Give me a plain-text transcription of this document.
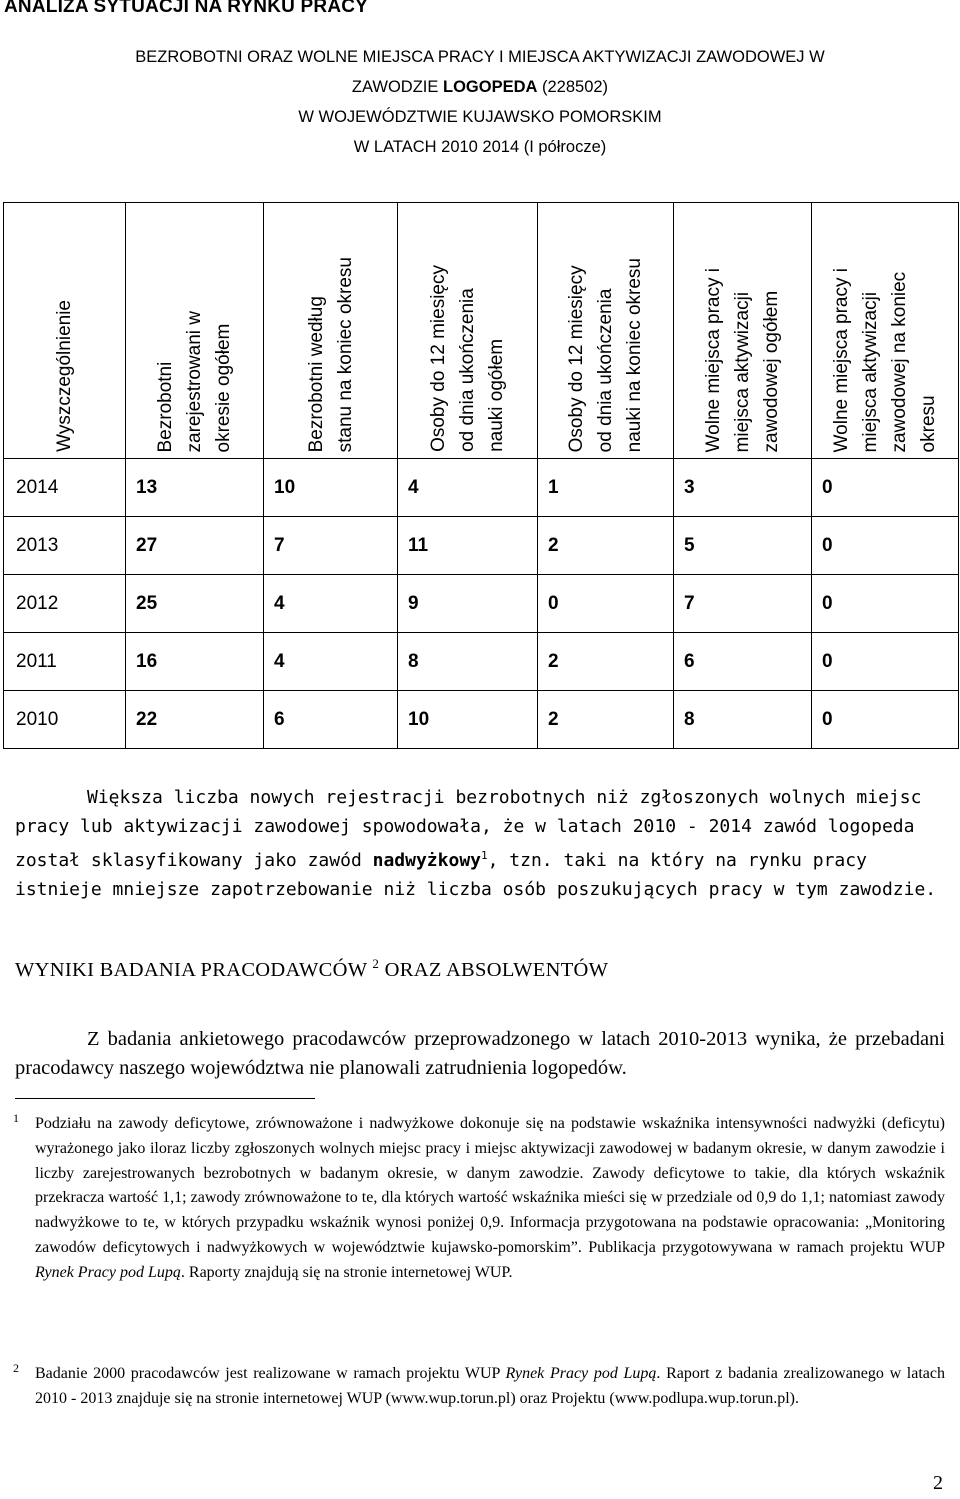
ANALIZA SYTUACJI NA RYNKU PRACY
BEZROBOTNI ORAZ WOLNE MIEJSCA PRACY I MIEJSCA AKTYWIZACJI ZAWODOWEJ W
ZAWODZIE LOGOPEDA (228502)
W WOJEWÓDZTWIE KUJAWSKO POMORSKIM
W LATACH 2010 2014 (I półrocze)
Wyszczególnienie	Bezrobotni
zarejestrowani w
okresie ogółem	Bezrobotni według
stanu na koniec okresu	Osoby do 12 miesięcy
od dnia ukończenia
nauki ogółem	Osoby do 12 miesięcy
od dnia ukończenia
nauki na koniec okresu	Wolne miejsca pracy i
miejsca aktywizacji
zawodowej ogółem	Wolne miejsca pracy i
miejsca aktywizacji
zawodowej na koniec
okresu

2014	13	10	4	1	3	0
2013	27	7	11	2	5	0
2012	25	4	9	0	7	0
2011	16	4	8	2	6	0
2010	22	6	10	2	8	0
Większa liczba nowych rejestracji bezrobotnych niż zgłoszonych wolnych miejsc pracy lub aktywizacji zawodowej spowodowała, że w latach 2010 - 2014 zawód logopeda został sklasyfikowany jako zawód nadwyżkowy$^1$, tzn. taki na który na rynku pracy istnieje mniejsze zapotrzebowanie niż liczba osób poszukujących pracy w tym zawodzie.
WYNIKI BADANIA PRACODAWCÓW $^2$ ORAZ ABSOLWENTÓW
Z badania ankietowego pracodawców przeprowadzonego w latach 2010-2013 wynika, że przebadani pracodawcy naszego województwa nie planowali zatrudnienia logopedów.
1 Podziału na zawody deficytowe, zrównoważone i nadwyżkowe dokonuje się na podstawie wskaźnika intensywności nadwyżki (deficytu) wyrażonego jako iloraz liczby zgłoszonych wolnych miejsc pracy i miejsc aktywizacji zawodowej w badanym okresie, w danym zawodzie i liczby zarejestrowanych bezrobotnych w badanym okresie, w danym zawodzie. Zawody deficytowe to takie, dla których wskaźnik przekracza wartość 1,1; zawody zrównoważone to te, dla których wartość wskaźnika mieści się w przedziale od 0,9 do 1,1; natomiast zawody nadwyżkowe to te, w których przypadku wskaźnik wynosi poniżej 0,9. Informacja przygotowana na podstawie opracowania: „Monitoring zawodów deficytowych i nadwyżkowych w województwie kujawsko-pomorskim”. Publikacja przygotowywana w ramach projektu WUP Rynek Pracy pod Lupą. Raporty znajdują się na stronie internetowej WUP.
2 Badanie 2000 pracodawców jest realizowane w ramach projektu WUP Rynek Pracy pod Lupą. Raport z badania zrealizowanego w latach 2010 - 2013 znajduje się na stronie internetowej WUP (www.wup.torun.pl) oraz Projektu (www.podlupa.wup.torun.pl).
2
